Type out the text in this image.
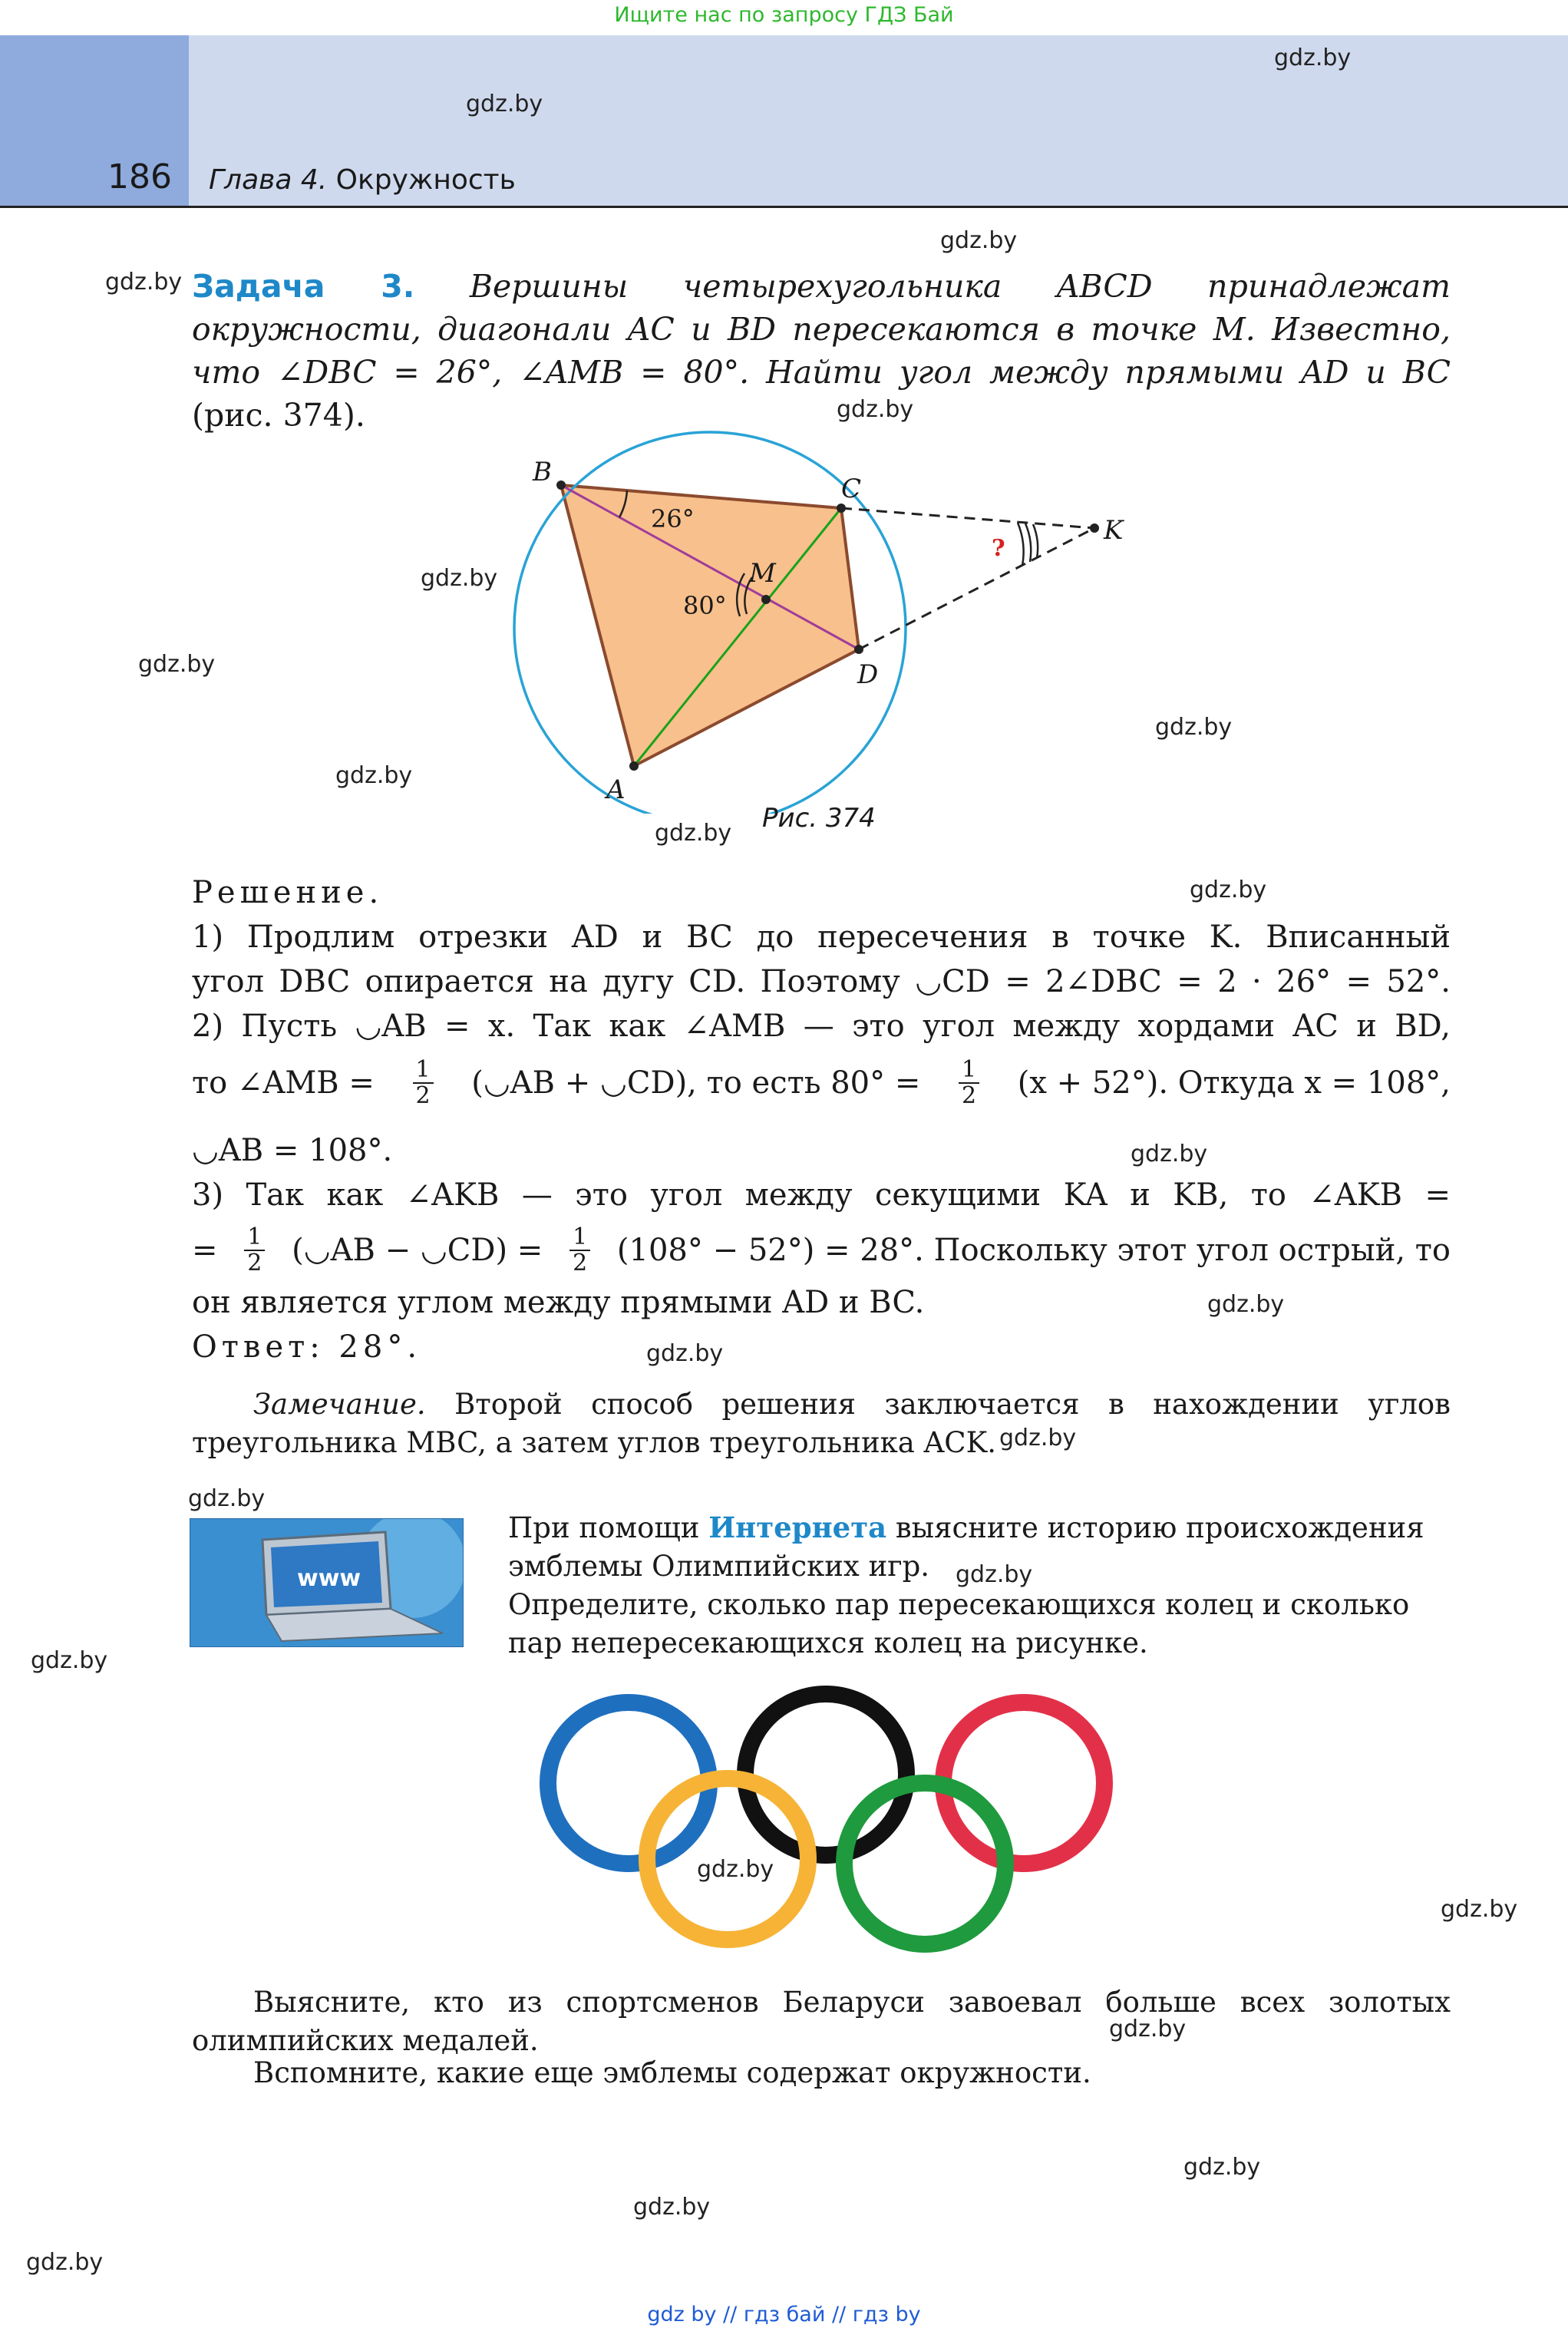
Ищите нас по запросу ГДЗ Бай
186 Глава 4. Окружность
gdz.by
gdz.by
gdz.by
gdz.by
gdz.by
gdz.by
gdz.by
gdz.by
gdz.by
gdz.by
gdz.by
gdz.by
gdz.by
gdz.by
gdz.by
gdz.by
gdz.by
gdz.by
gdz.by
gdz.by
gdz.by
gdz.by
gdz.by
gdz.by
Задача 3. Вершины четырехугольника ABCD принадлежат окружности, диагонали AC и BD пересекаются в точке M. Известно, что ∠DBC = 26°, ∠AMB = 80°. Найти угол между прямыми AD и BC (рис. 374).
B
C
D
A
M
K
26°
80°
?
Рис. 374
Решение.
1) Продлим отрезки AD и BC до пересечения в точке K. Вписанный
угол DBC опирается на дугу CD. Поэтому ◡CD = 2∠DBC = 2 · 26° = 52°.
2) Пусть ◡AB = x. Так как ∠AMB — это угол между хордами AC и BD,
то ∠AMB = $\frac{1}{2}$ (◡AB + ◡CD), то есть $80^\circ = \frac{1}{2} (x + 52^\circ)$. Откуда x = 108°,
◡AB = 108°.
3) Так как ∠AKB — это угол между секущими KA и KB, то ∠AKB =
= $\frac{1}{2}$ (◡AB − ◡CD) = $\frac{1}{2} (108^\circ - 52^\circ) = 28^\circ$. Поскольку этот угол острый, то
он является углом между прямыми AD и BC.
Ответ: 28°.
Замечание. Второй способ решения заключается в нахождении углов треугольника MBC, а затем углов треугольника ACK.
www
При помощи Интернета выясните историю происхождения эмблемы Олимпийских игр.
Определите, сколько пар пересекающихся колец и сколько пар непересекающихся колец на рисунке.
Выясните, кто из спортсменов Беларуси завоевал больше всех золотых олимпийских медалей.
Вспомните, какие еще эмблемы содержат окружности.
gdz by // гдз бай // гдз by
